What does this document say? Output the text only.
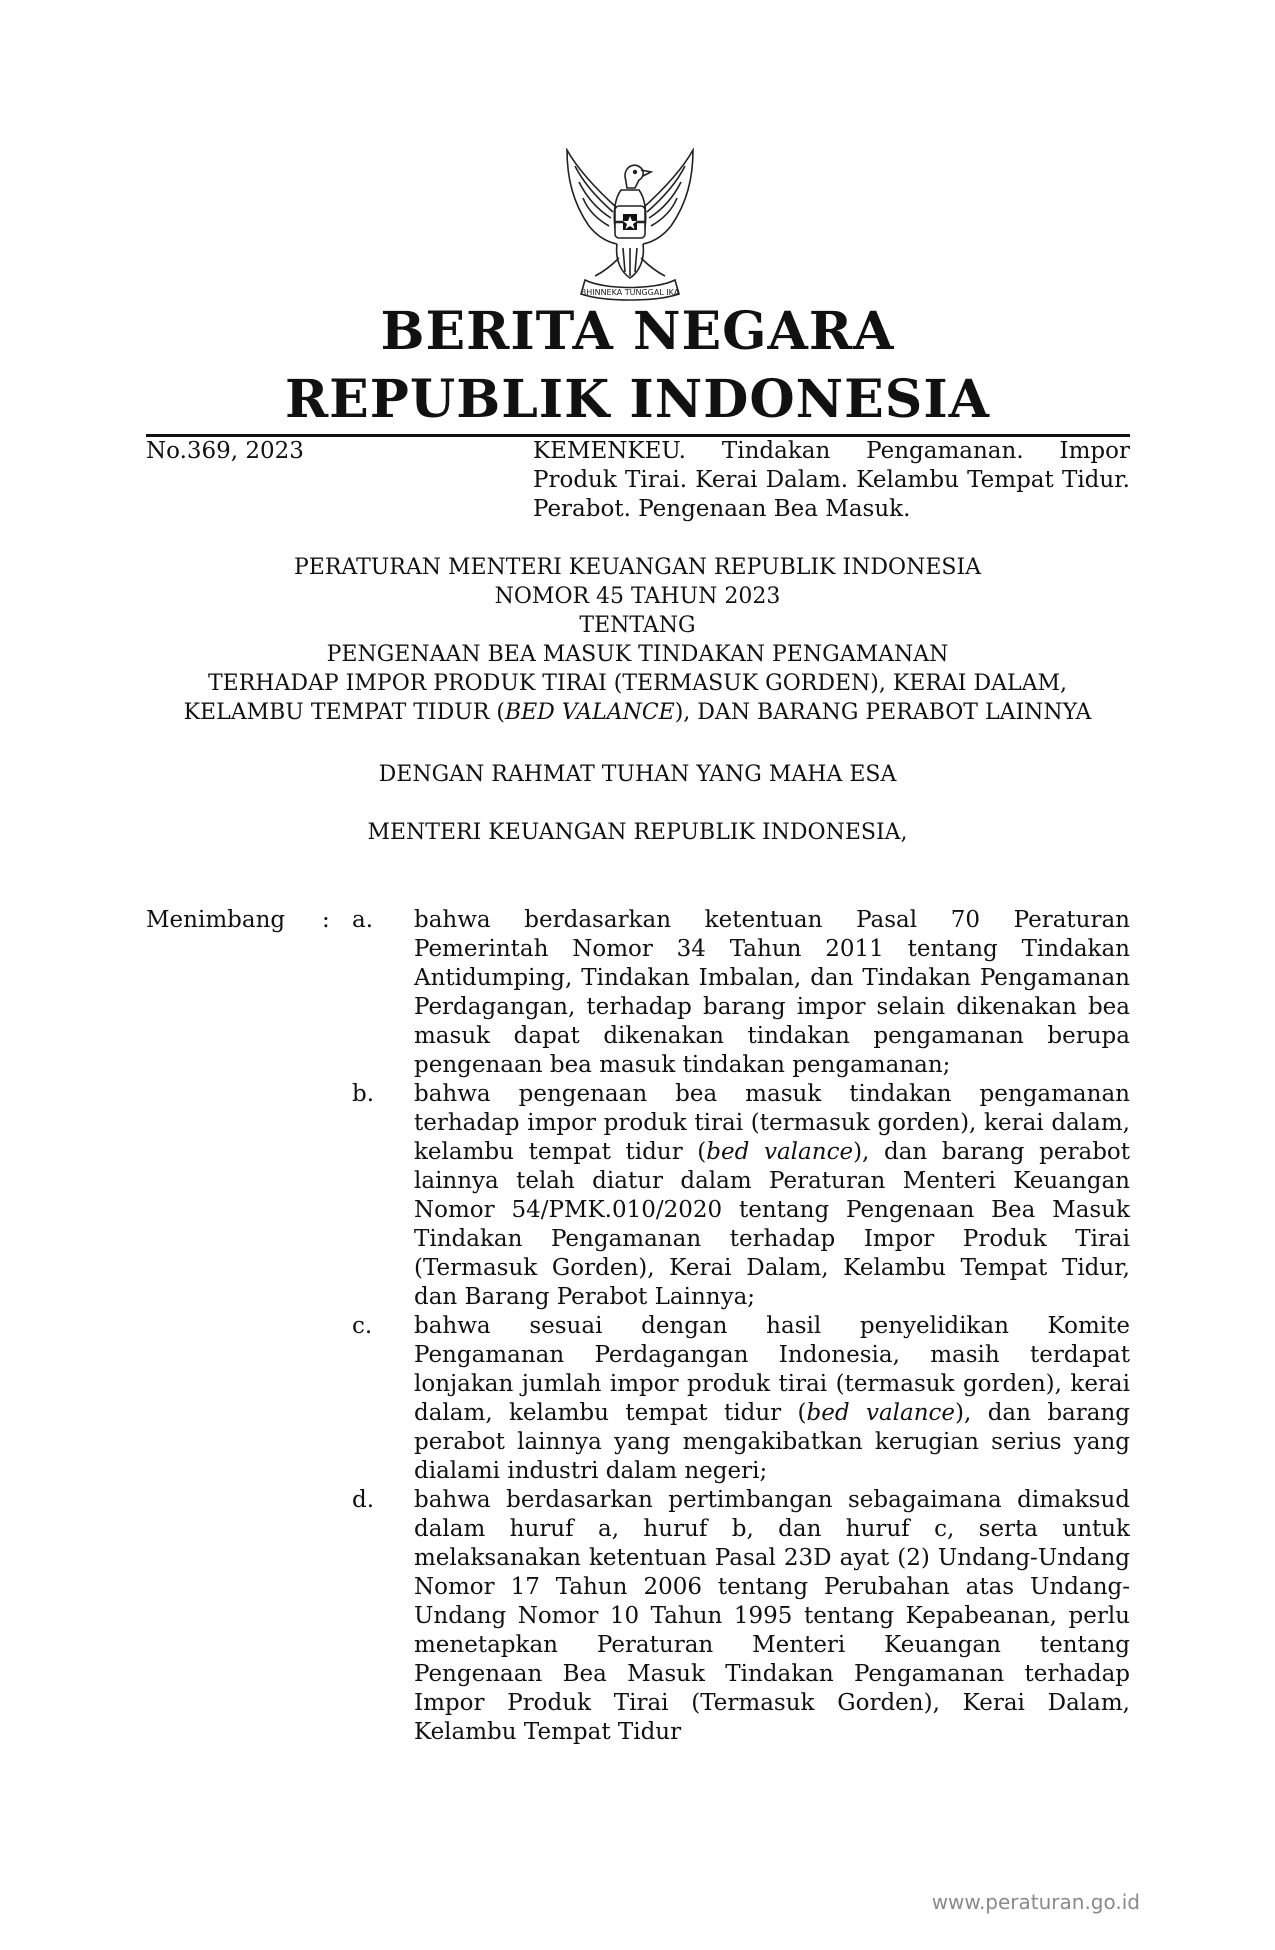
BHINNEKA TUNGGAL IKA
BERITA NEGARA
REPUBLIK INDONESIA
No.369, 2023	KEMENKEU. Tindakan Pengamanan. Impor Produk Tirai. Kerai Dalam. Kelambu Tempat Tidur. Perabot. Pengenaan Bea Masuk.
PERATURAN MENTERI KEUANGAN REPUBLIK INDONESIA
NOMOR 45 TAHUN 2023
TENTANG
PENGENAAN BEA MASUK TINDAKAN PENGAMANAN
TERHADAP IMPOR PRODUK TIRAI (TERMASUK GORDEN), KERAI DALAM,
KELAMBU TEMPAT TIDUR (BED VALANCE), DAN BARANG PERABOT LAINNYA
DENGAN RAHMAT TUHAN YANG MAHA ESA
MENTERI KEUANGAN REPUBLIK INDONESIA,
Menimbang : a.	bahwa berdasarkan ketentuan Pasal 70 Peraturan Pemerintah Nomor 34 Tahun 2011 tentang Tindakan Antidumping, Tindakan Imbalan, dan Tindakan Pengamanan Perdagangan, terhadap barang impor selain dikenakan bea masuk dapat dikenakan tindakan pengamanan berupa pengenaan bea masuk tindakan pengamanan;
b.	bahwa pengenaan bea masuk tindakan pengamanan terhadap impor produk tirai (termasuk gorden), kerai dalam, kelambu tempat tidur (bed valance), dan barang perabot lainnya telah diatur dalam Peraturan Menteri Keuangan Nomor 54/PMK.010/2020 tentang Pengenaan Bea Masuk Tindakan Pengamanan terhadap Impor Produk Tirai (Termasuk Gorden), Kerai Dalam, Kelambu Tempat Tidur, dan Barang Perabot Lainnya;
c.	bahwa sesuai dengan hasil penyelidikan Komite Pengamanan Perdagangan Indonesia, masih terdapat lonjakan jumlah impor produk tirai (termasuk gorden), kerai dalam, kelambu tempat tidur (bed valance), dan barang perabot lainnya yang mengakibatkan kerugian serius yang dialami industri dalam negeri;
d.	bahwa berdasarkan pertimbangan sebagaimana dimaksud dalam huruf a, huruf b, dan huruf c, serta untuk melaksanakan ketentuan Pasal 23D ayat (2) Undang-Undang Nomor 17 Tahun 2006 tentang Perubahan atas Undang-Undang Nomor 10 Tahun 1995 tentang Kepabeanan, perlu menetapkan Peraturan Menteri Keuangan tentang Pengenaan Bea Masuk Tindakan Pengamanan terhadap Impor Produk Tirai (Termasuk Gorden), Kerai Dalam, Kelambu Tempat Tidur
www.peraturan.go.id
